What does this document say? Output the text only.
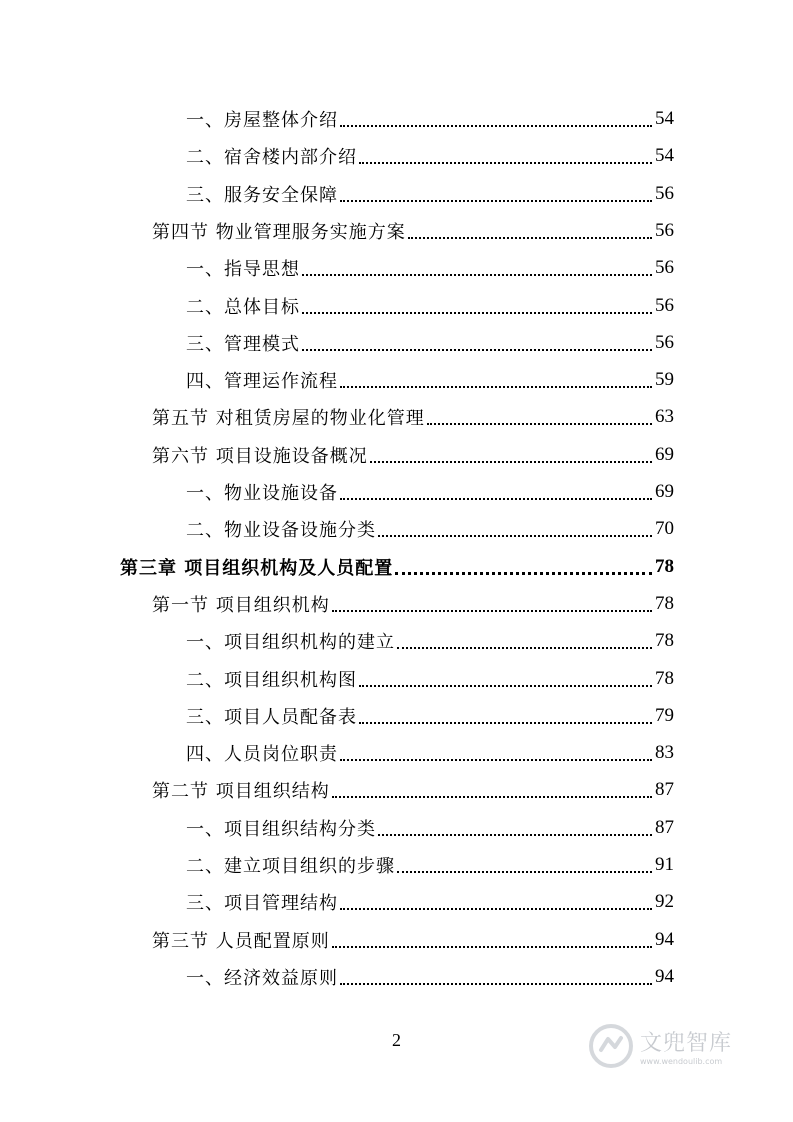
一、房屋整体介绍	54
二、宿舍楼内部介绍	54
三、服务安全保障	56
第四节 物业管理服务实施方案	56
一、指导思想	56
二、总体目标	56
三、管理模式	56
四、管理运作流程	59
第五节 对租赁房屋的物业化管理	63
第六节 项目设施设备概况	69
一、物业设施设备	69
二、物业设备设施分类	70
第三章 项目组织机构及人员配置	78
第一节 项目组织机构	78
一、项目组织机构的建立	78
二、项目组织机构图	78
三、项目人员配备表	79
四、人员岗位职责	83
第二节 项目组织结构	87
一、项目组织结构分类	87
二、建立项目组织的步骤	91
三、项目管理结构	92
第三节 人员配置原则	94
一、经济效益原则	94
2	文兜智库
www.wendoulib.com
